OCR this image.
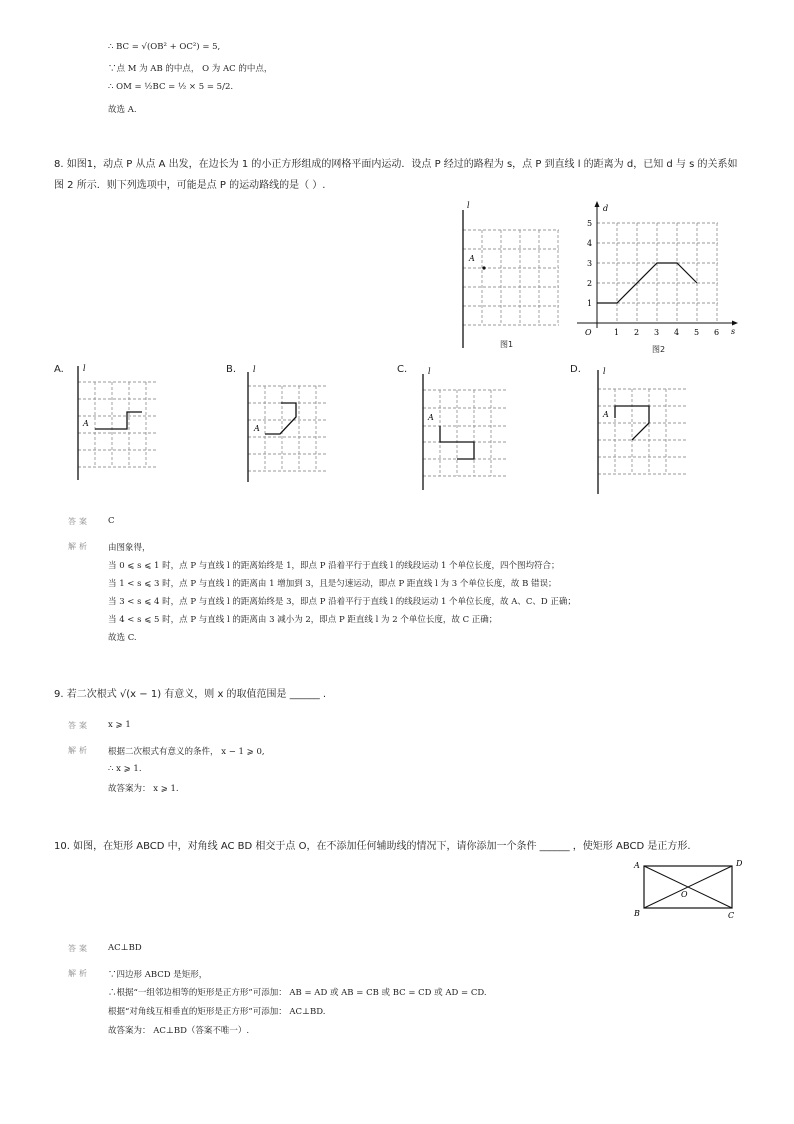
∴ BC = √(OB² + OC²) = 5,
∵点 M 为 AB 的中点， O 为 AC 的中点，
∴ OM = ½BC = ½ × 5 = 5/2.
故选 A.
8. 如图1，动点 P 从点 A 出发，在边长为 1 的小正方形组成的网格平面内运动．设点 P 经过的路程为 s，点 P 到直线 l 的距离为 d，已知 d 与 s 的关系如
图 2 所示．则下列选项中，可能是点 P 的运动路线的是（ ）.
l
A
图1
d
s
O
1
2
3
4
5
1 2 3 4 5 6
图2
A. l
A
B. l
A
C.	l
A
D.	l
A
答案 C
解析 由图象得，
当 0 ⩽ s ⩽ 1 时，点 P 与直线 l 的距离始终是 1，即点 P 沿着平行于直线 l 的线段运动 1 个单位长度，四个图均符合；
当 1 < s ⩽ 3 时，点 P 与直线 l 的距离由 1 增加到 3，且是匀速运动，即点 P 距直线 l 为 3 个单位长度，故 B 错误；
当 3 < s ⩽ 4 时，点 P 与直线 l 的距离始终是 3，即点 P 沿着平行于直线 l 的线段运动 1 个单位长度，故 A、C、D 正确；
当 4 < s ⩽ 5 时，点 P 与直线 l 的距离由 3 减小为 2，即点 P 距直线 l 为 2 个单位长度，故 C 正确；
故选 C.
9. 若二次根式 √(x − 1) 有意义，则 x 的取值范围是 ______ .
答案 x ⩾ 1
解析 根据二次根式有意义的条件， x − 1 ⩾ 0,
∴ x ⩾ 1.
故答案为： x ⩾ 1.
10. 如图，在矩形 ABCD 中，对角线 AC BD 相交于点 O，在不添加任何辅助线的情况下，请你添加一个条件 ______ ，使矩形 ABCD 是正方形.
A	D
B	C
O
答案 AC⊥BD
解析 ∵四边形 ABCD 是矩形，
∴根据“一组邻边相等的矩形是正方形”可添加： AB = AD 或 AB = CB 或 BC = CD 或 AD = CD.
根据“对角线互相垂直的矩形是正方形”可添加： AC⊥BD.
故答案为： AC⊥BD（答案不唯一）.
